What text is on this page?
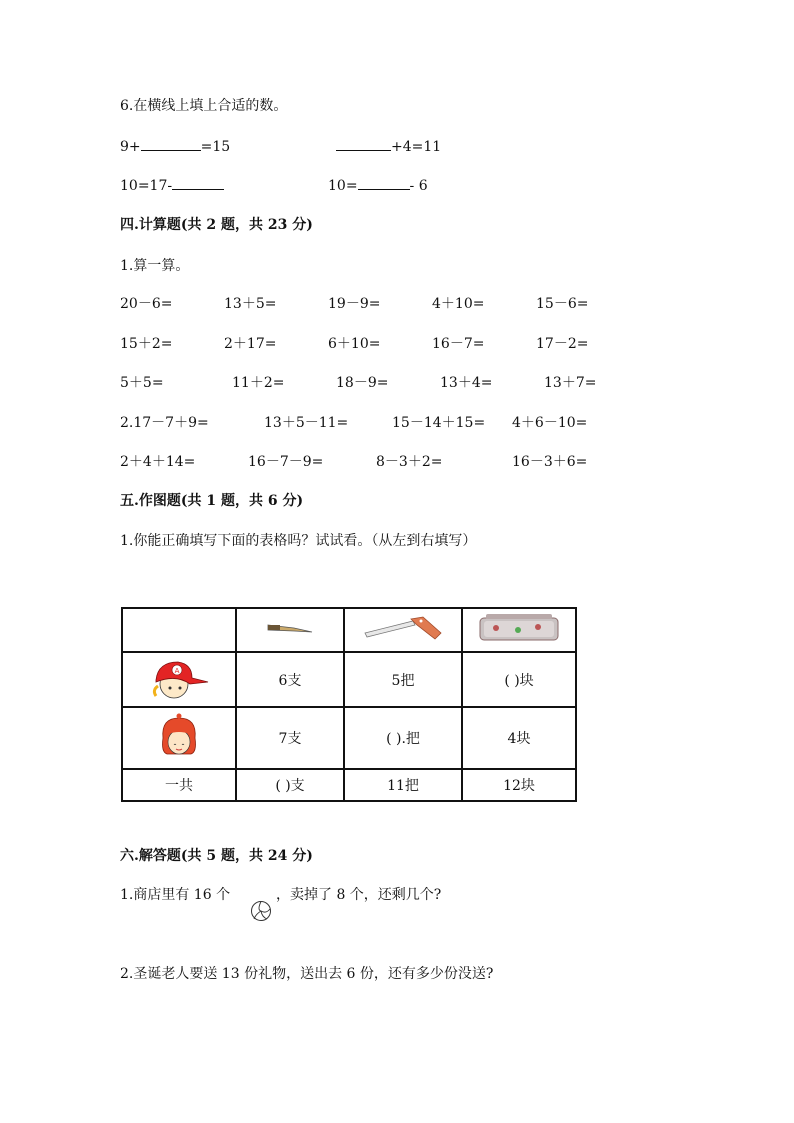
6.在横线上填上合适的数。
9+	=15	+4=11
10=17-	10=	- 6
四.计算题(共 2 题，共 23 分)
1.算一算。
20－6=	13＋5=	19－9=	4＋10=	15－6=
15＋2=	2＋17=	6＋10=	16－7=	17－2=
5＋5=	11＋2=	18－9=	13＋4=	13＋7=
2.17－7＋9=	13＋5－11=	15－14＋15= 4＋6－10=
2＋4＋14=	16－7－9=	8－3＋2=	16－3＋6=
五.作图题(共 1 题，共 6 分)
1.你能正确填写下面的表格吗？试试看。（从左到右填写）

A	6支	5把	( )块
	7支	( ).把	4块
一共	( )支	11把	12块
六.解答题(共 5 题，共 24 分)
1.商店里有 16 个	，卖掉了 8 个，还剩几个?
2.圣诞老人要送 13 份礼物，送出去 6 份，还有多少份没送?
